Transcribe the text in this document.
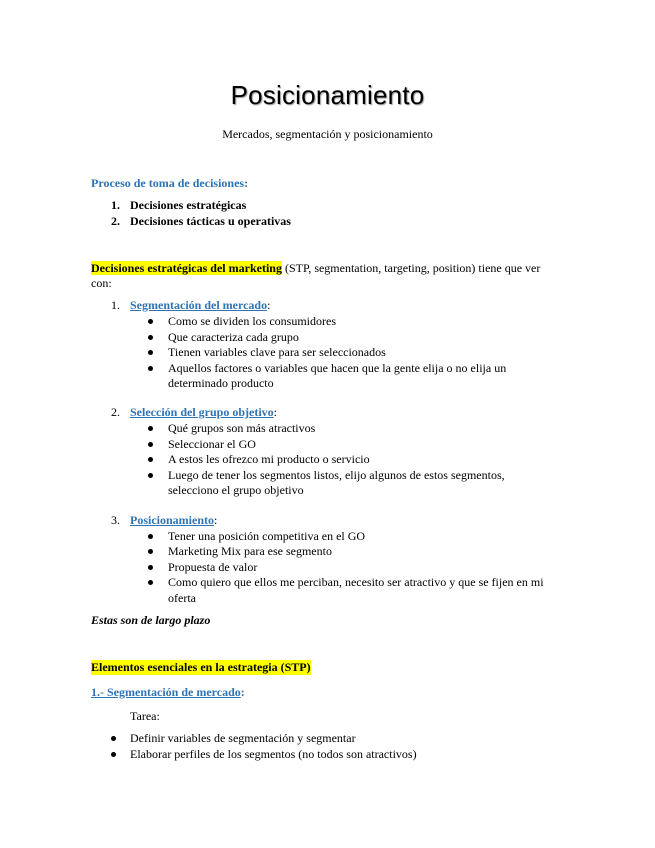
Posicionamiento
Mercados, segmentación y posicionamiento
Proceso de toma de decisiones:
1. Decisiones estratégicas
2. Decisiones tácticas u operativas
Decisiones estratégicas del marketing (STP, segmentation, targeting, position) tiene que ver
con:
1. Segmentación del mercado:
Como se dividen los consumidores
Que caracteriza cada grupo
Tienen variables clave para ser seleccionados
Aquellos factores o variables que hacen que la gente elija o no elija un
determinado producto
2. Selección del grupo objetivo:
Qué grupos son más atractivos
Seleccionar el GO
A estos les ofrezco mi producto o servicio
Luego de tener los segmentos listos, elijo algunos de estos segmentos,
selecciono el grupo objetivo
3. Posicionamiento:
Tener una posición competitiva en el GO
Marketing Mix para ese segmento
Propuesta de valor
Como quiero que ellos me perciban, necesito ser atractivo y que se fijen en mi
oferta
Estas son de largo plazo
Elementos esenciales en la estrategia (STP)
1.- Segmentación de mercado:
Tarea:
Definir variables de segmentación y segmentar
Elaborar perfiles de los segmentos (no todos son atractivos)
